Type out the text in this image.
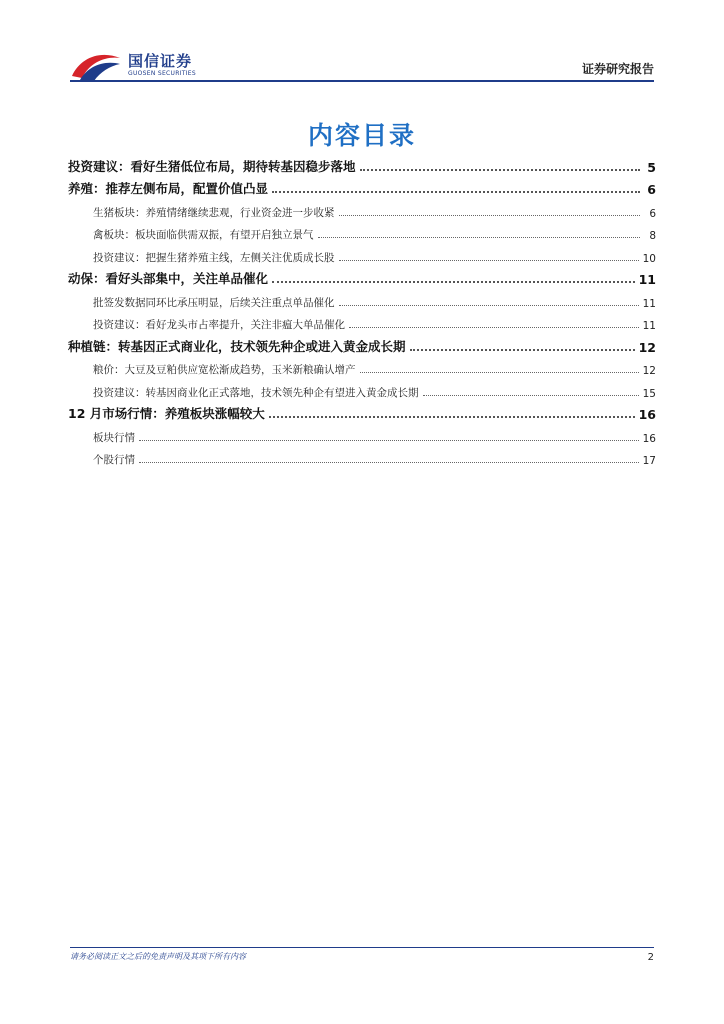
国信证券
GUOSEN SECURITIES	证券研究报告
内容目录
投资建议：看好生猪低位布局，期待转基因稳步落地	5
养殖：推荐左侧布局，配置价值凸显	6
生猪板块：养殖情绪继续悲观，行业资金进一步收紧	6
禽板块：板块面临供需双振，有望开启独立景气	8
投资建议：把握生猪养殖主线，左侧关注优质成长股	10
动保：看好头部集中，关注单品催化	11
批签发数据同环比承压明显，后续关注重点单品催化	11
投资建议：看好龙头市占率提升，关注非瘟大单品催化	11
种植链：转基因正式商业化，技术领先种企或进入黄金成长期	12
粮价：大豆及豆粕供应宽松渐成趋势，玉米新粮确认增产	12
投资建议：转基因商业化正式落地，技术领先种企有望进入黄金成长期	15
12 月市场行情：养殖板块涨幅较大	16
板块行情	16
个股行情	17
请务必阅读正文之后的免责声明及其项下所有内容	2
